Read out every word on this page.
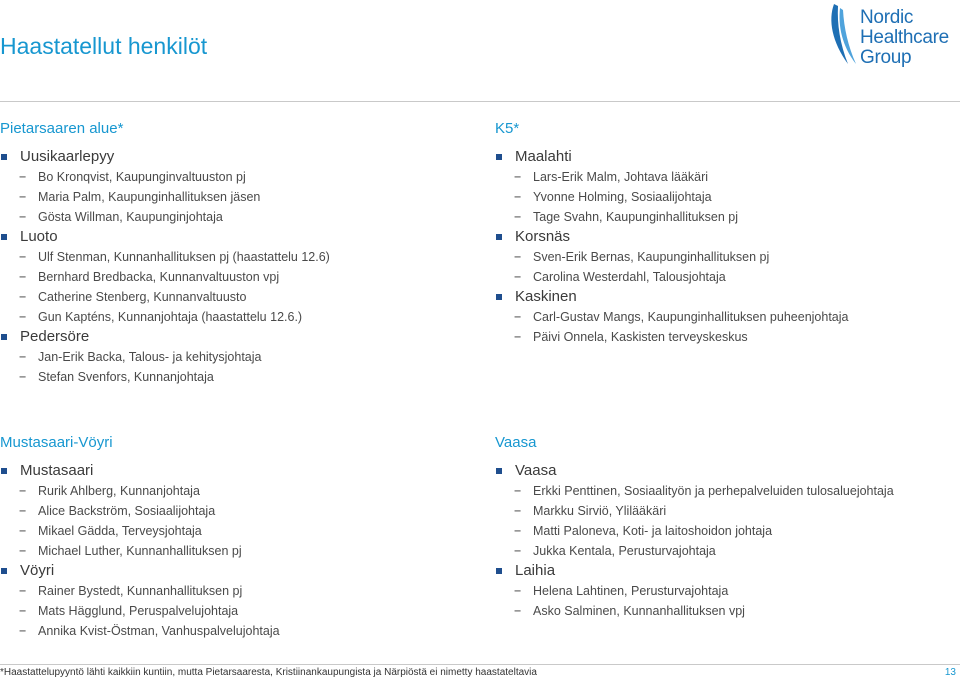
Haastatellut henkilöt
Nordic
Healthcare
Group
Pietarsaaren alue*
Uusikaarlepyy
− Bo Kronqvist, Kaupunginvaltuuston pj
− Maria Palm, Kaupunginhallituksen jäsen
− Gösta Willman, Kaupunginjohtaja
Luoto
− Ulf Stenman, Kunnanhallituksen pj (haastattelu 12.6)
− Bernhard Bredbacka, Kunnanvaltuuston vpj
− Catherine Stenberg, Kunnanvaltuusto
− Gun Kapténs, Kunnanjohtaja (haastattelu 12.6.)
Pedersöre
− Jan-Erik Backa, Talous- ja kehitysjohtaja
− Stefan Svenfors, Kunnanjohtaja
K5*
Maalahti
− Lars-Erik Malm, Johtava lääkäri
− Yvonne Holming, Sosiaalijohtaja
− Tage Svahn, Kaupunginhallituksen pj
Korsnäs
− Sven-Erik Bernas, Kaupunginhallituksen pj
− Carolina Westerdahl, Talousjohtaja
Kaskinen
− Carl-Gustav Mangs, Kaupunginhallituksen puheenjohtaja
− Päivi Onnela, Kaskisten terveyskeskus
Mustasaari-Vöyri
Mustasaari
− Rurik Ahlberg, Kunnanjohtaja
− Alice Backström, Sosiaalijohtaja
− Mikael Gädda, Terveysjohtaja
− Michael Luther, Kunnanhallituksen pj
Vöyri
− Rainer Bystedt, Kunnanhallituksen pj
− Mats Hägglund, Peruspalvelujohtaja
− Annika Kvist-Östman, Vanhuspalvelujohtaja
Vaasa
Vaasa
− Erkki Penttinen, Sosiaalityön ja perhepalveluiden tulosaluejohtaja
− Markku Sirviö, Ylilääkäri
− Matti Paloneva, Koti- ja laitoshoidon johtaja
− Jukka Kentala, Perusturvajohtaja
Laihia
− Helena Lahtinen, Perusturvajohtaja
− Asko Salminen, Kunnanhallituksen vpj
*Haastattelupyyntö lähti kaikkiin kuntiin, mutta Pietarsaaresta, Kristiinankaupungista ja Närpiöstä ei nimetty haastateltavia	13
